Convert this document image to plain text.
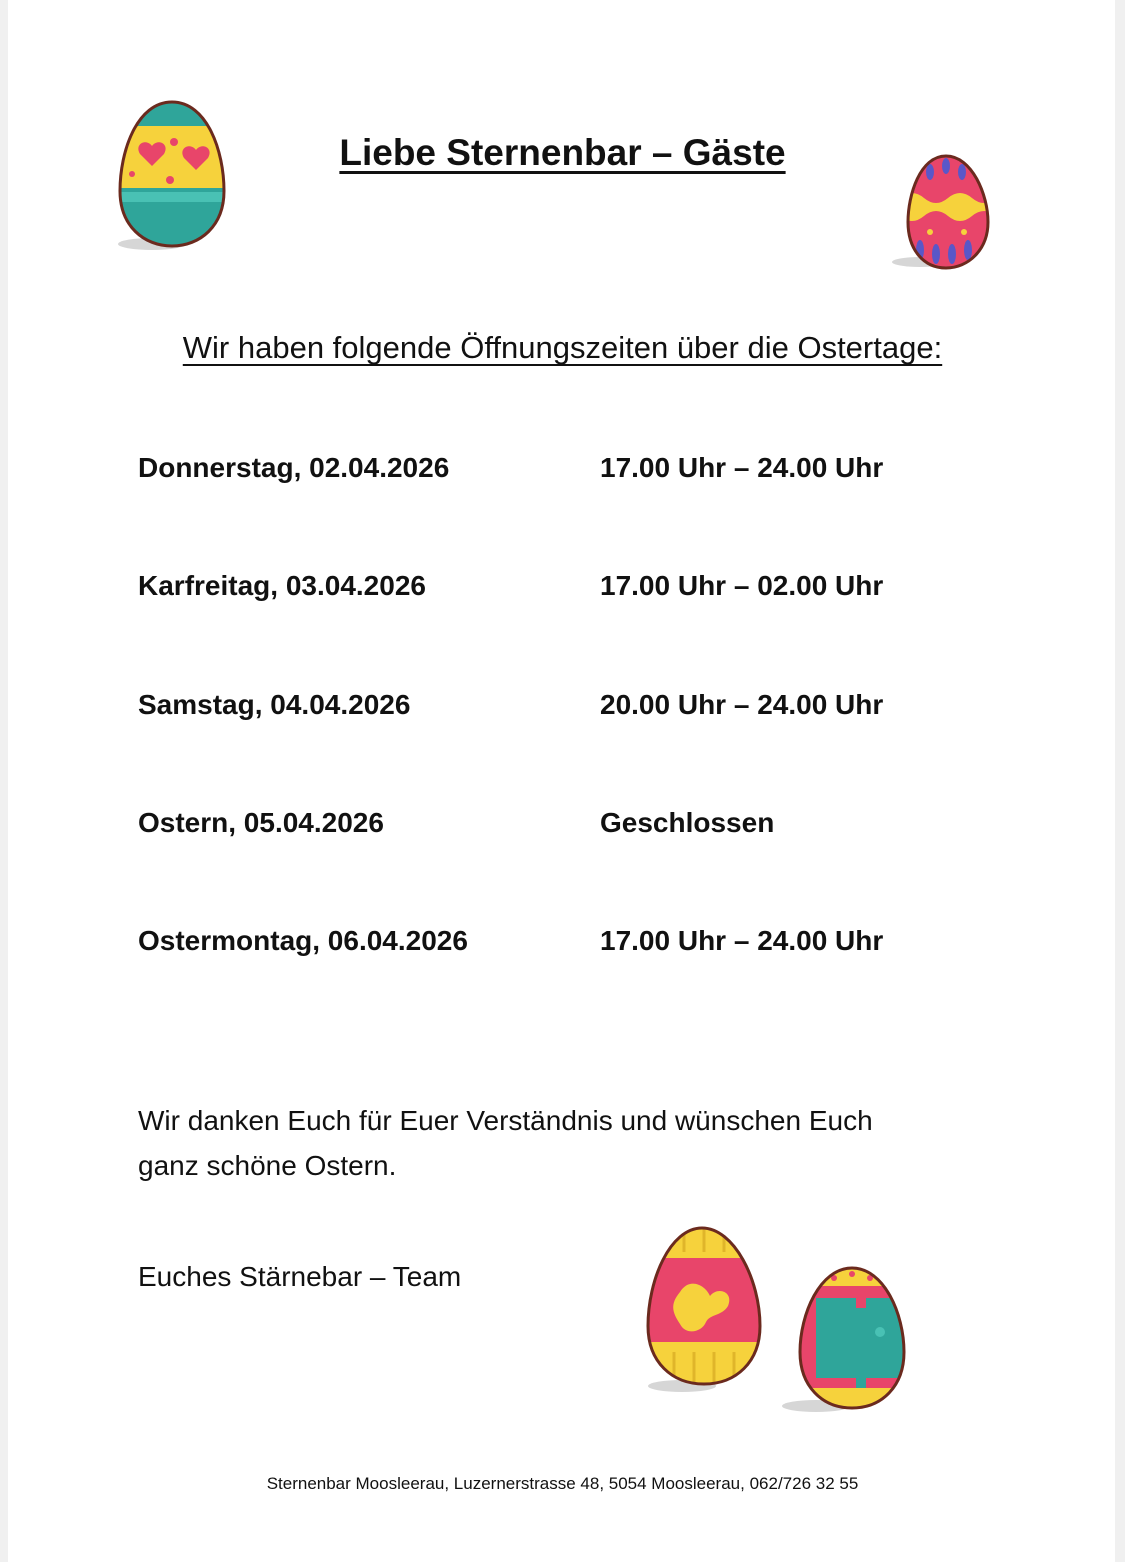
Liebe Sternenbar – Gäste

Wir haben folgende Öffnungszeiten über die Ostertage:

Donnerstag, 02.04.2026	17.00 Uhr – 24.00 Uhr
Karfreitag, 03.04.2026	17.00 Uhr – 02.00 Uhr
Samstag, 04.04.2026	20.00 Uhr – 24.00 Uhr
Ostern, 05.04.2026	Geschlossen
Ostermontag, 06.04.2026	17.00 Uhr – 24.00 Uhr

Wir danken Euch für Euer Verständnis und wünschen Euch
ganz schöne Ostern.

Euches Stärnebar – Team

Sternenbar Moosleerau, Luzernerstrasse 48, 5054 Moosleerau, 062/726 32 55
